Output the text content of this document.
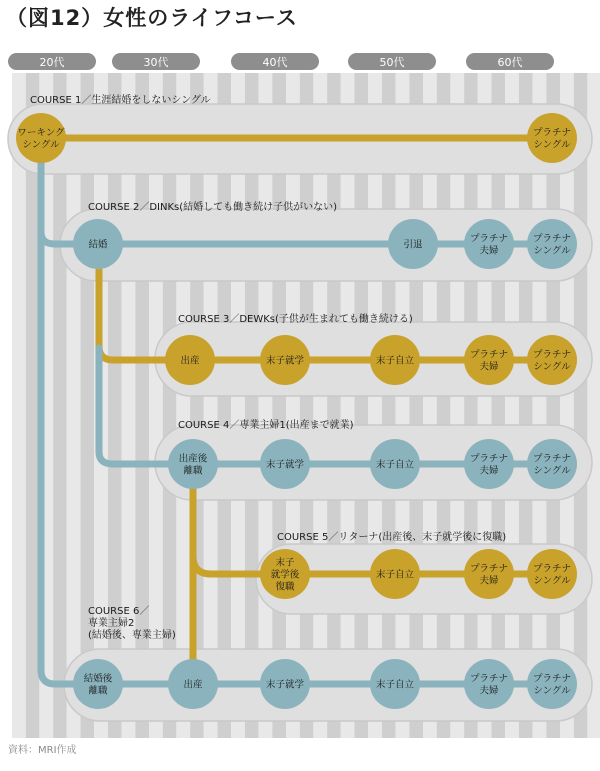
（図12）女性のライフコース
20代	30代	40代	50代	60代
ワーキング
シングル
プラチナ
シングル
結婚	引退
プラチナ
夫婦
プラチナ
シングル
出産	末子就学	末子自立
プラチナ
夫婦
プラチナ
シングル
出産後
離職
末子就学	末子自立
プラチナ
夫婦
プラチナ
シングル
末子
就学後
復職
末子自立
プラチナ
夫婦
プラチナ
シングル
結婚後
離職
出産	末子就学	末子自立
プラチナ
夫婦
プラチナ
シングル
COURSE 1／生涯結婚をしないシングル
COURSE 2／DINKs(結婚しても働き続け子供がいない)
COURSE 3／DEWKs(子供が生まれても働き続ける)
COURSE 4／専業主婦1(出産まで就業)
COURSE 5／リターナ(出産後、末子就学後に復職)
COURSE 6／
専業主婦2
(結婚後、専業主婦)
資料：MRI作成
